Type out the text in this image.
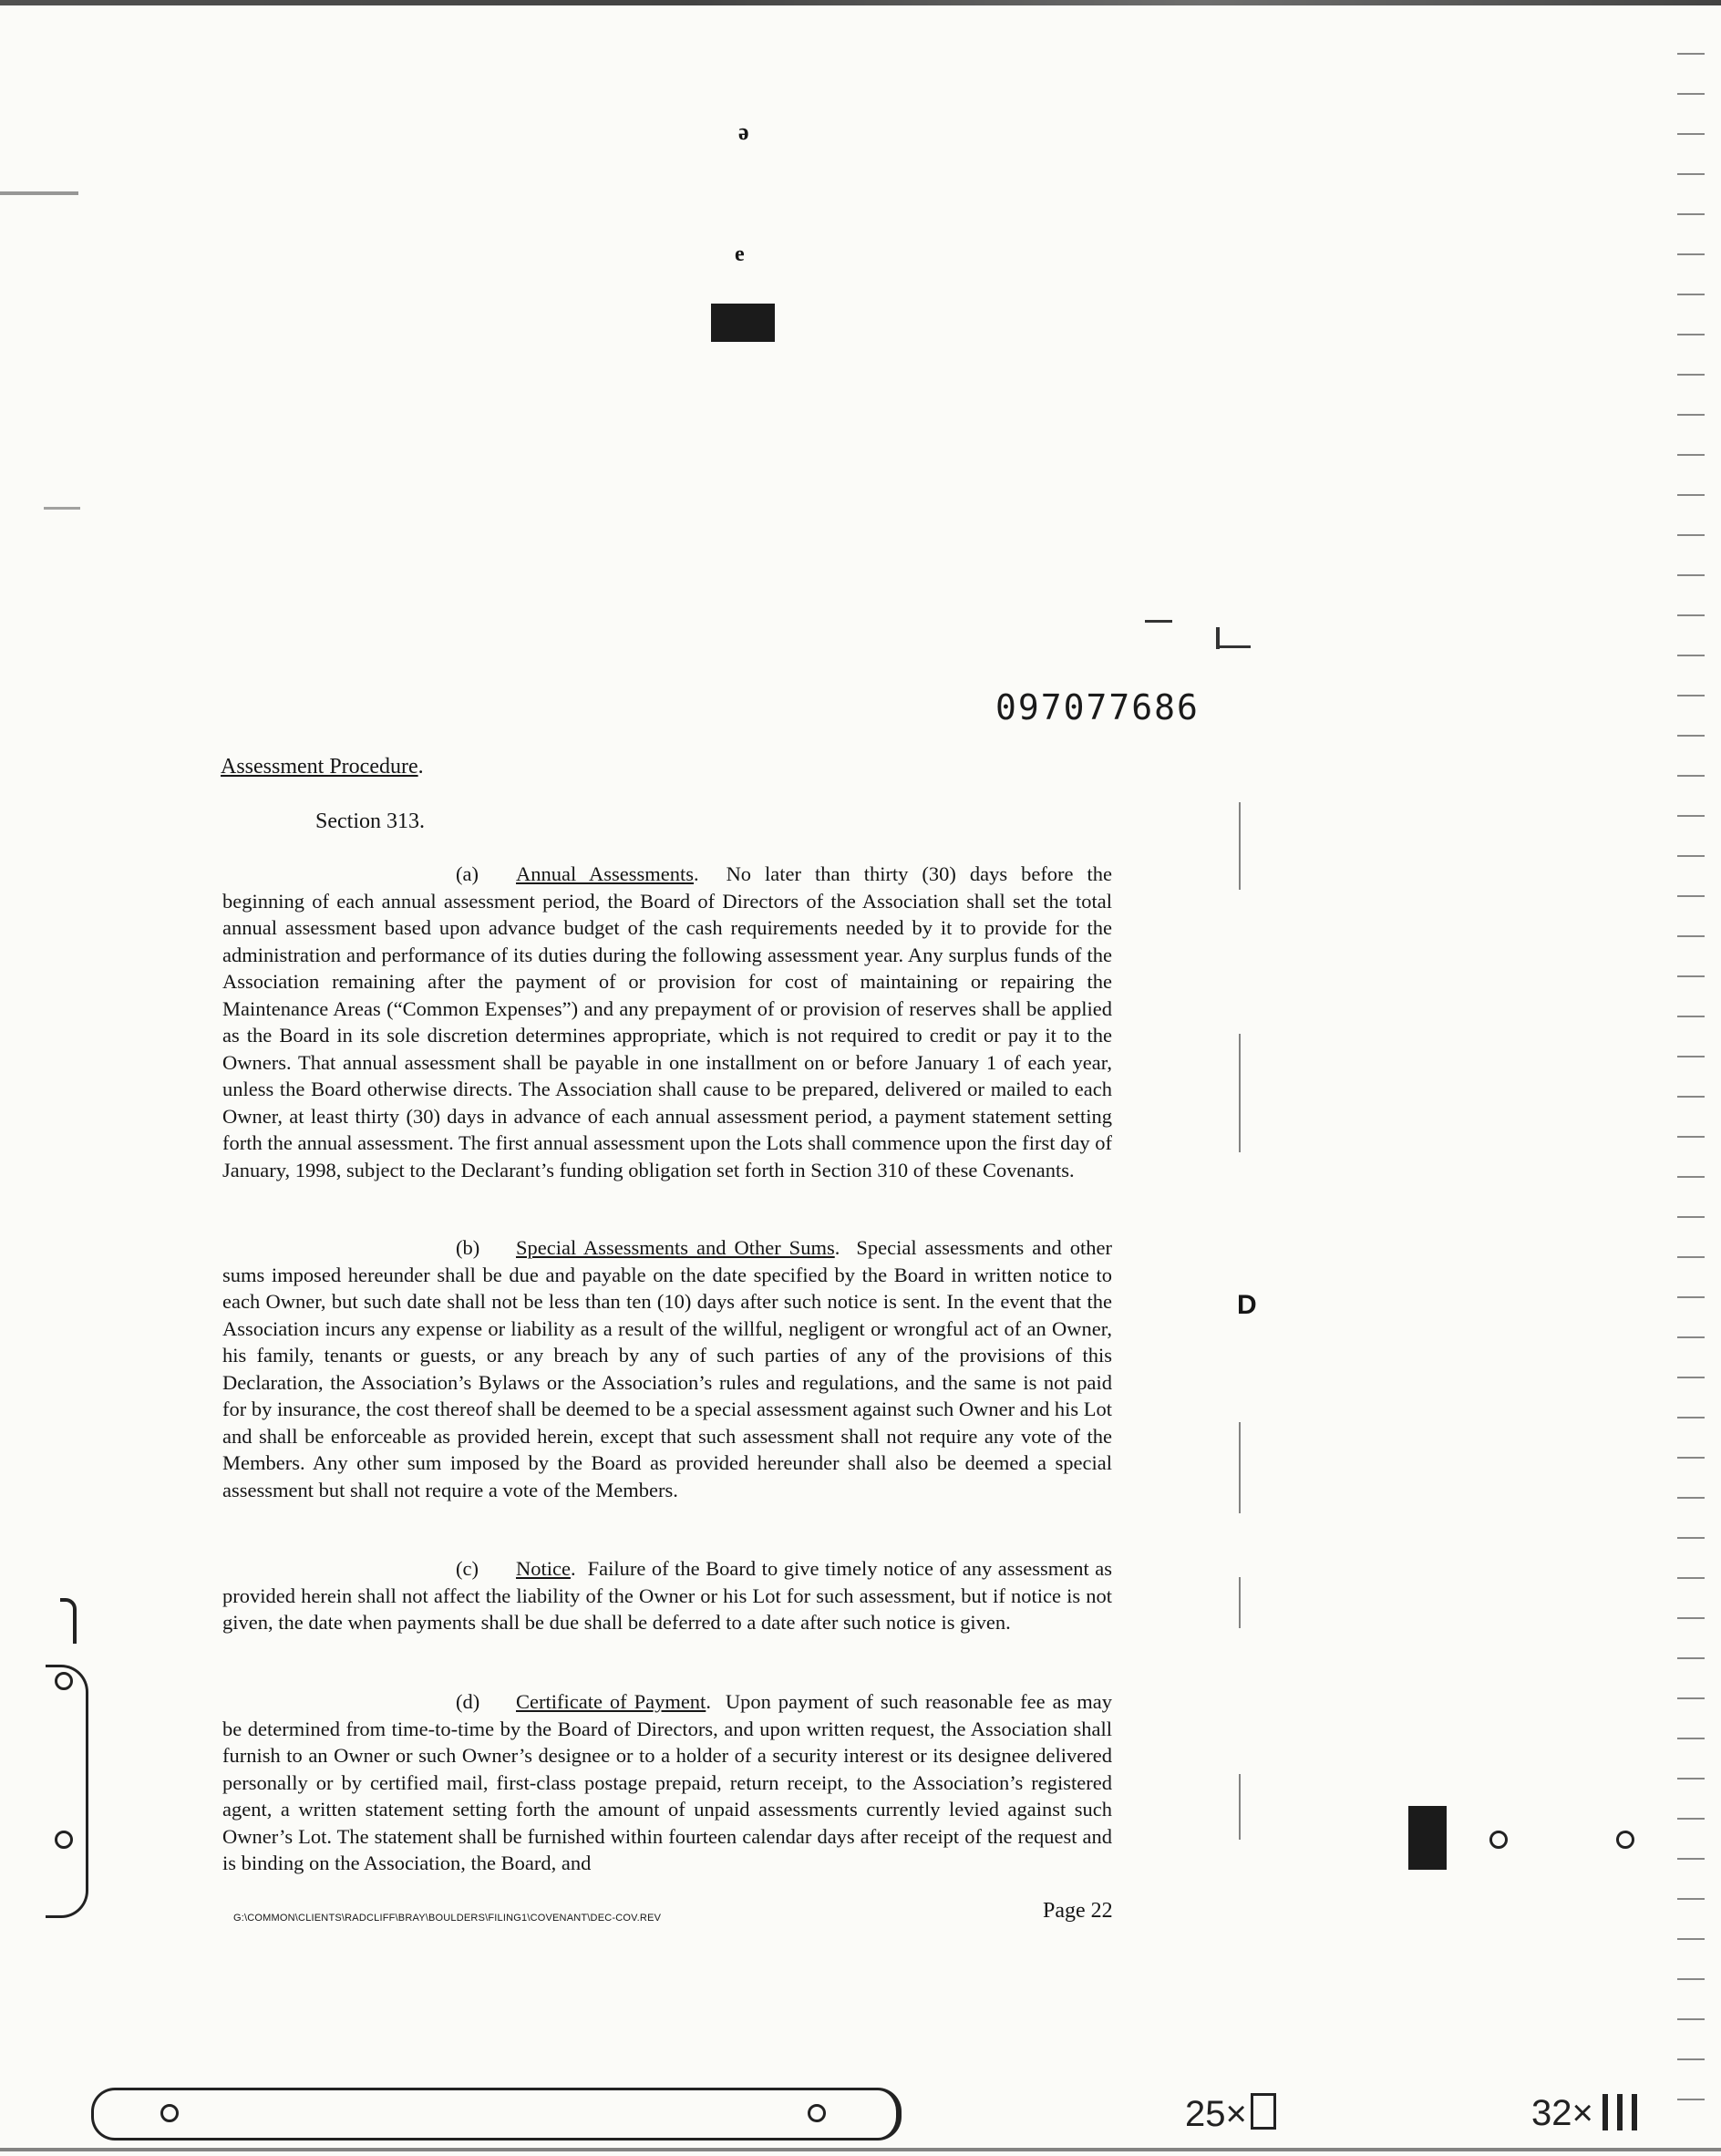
ə
e
097077686
Assessment Procedure.
Section 313.
(a) Annual Assessments.  No later than thirty (30) days before the beginning of each annual assessment period, the Board of Directors of the Association shall set the total annual assessment based upon advance budget of the cash requirements needed by it to provide for the administration and performance of its duties during the following assessment year. Any surplus funds of the Association remaining after the payment of or provision for cost of maintaining or repairing the Maintenance Areas (“Common Expenses”) and any prepayment of or provision of reserves shall be applied as the Board in its sole discretion determines appropriate, which is not required to credit or pay it to the Owners. That annual assessment shall be payable in one installment on or before January 1 of each year, unless the Board otherwise directs. The Association shall cause to be prepared, delivered or mailed to each Owner, at least thirty (30) days in advance of each annual assessment period, a payment statement setting forth the annual assessment. The first annual assessment upon the Lots shall commence upon the first day of January, 1998, subject to the Declarant’s funding obligation set forth in Section 310 of these Covenants.
(b) Special Assessments and Other Sums.  Special assessments and other sums imposed hereunder shall be due and payable on the date specified by the Board in written notice to each Owner, but such date shall not be less than ten (10) days after such notice is sent. In the event that the Association incurs any expense or liability as a result of the willful, negligent or wrongful act of an Owner, his family, tenants or guests, or any breach by any of such parties of any of the provisions of this Declaration, the Association’s Bylaws or the Association’s rules and regulations, and the same is not paid for by insurance, the cost thereof shall be deemed to be a special assessment against such Owner and his Lot and shall be enforceable as provided herein, except that such assessment shall not require any vote of the Members. Any other sum imposed by the Board as provided hereunder shall also be deemed a special assessment but shall not require a vote of the Members.
(c) Notice.  Failure of the Board to give timely notice of any assessment as provided herein shall not affect the liability of the Owner or his Lot for such assessment, but if notice is not given, the date when payments shall be due shall be deferred to a date after such notice is given.
(d) Certificate of Payment.  Upon payment of such reasonable fee as may be determined from time-to-time by the Board of Directors, and upon written request, the Association shall furnish to an Owner or such Owner’s designee or to a holder of a security interest or its designee delivered personally or by certified mail, first-class postage prepaid, return receipt, to the Association’s registered agent, a written statement setting forth the amount of unpaid assessments currently levied against such Owner’s Lot. The statement shall be furnished within fourteen calendar days after receipt of the request and is binding on the Association, the Board, and
G:\COMMON\CLIENTS\RADCLIFF\BRAY\BOULDERS\FILING1\COVENANT\DEC-COV.REV	Page 22
D
25×	32×
